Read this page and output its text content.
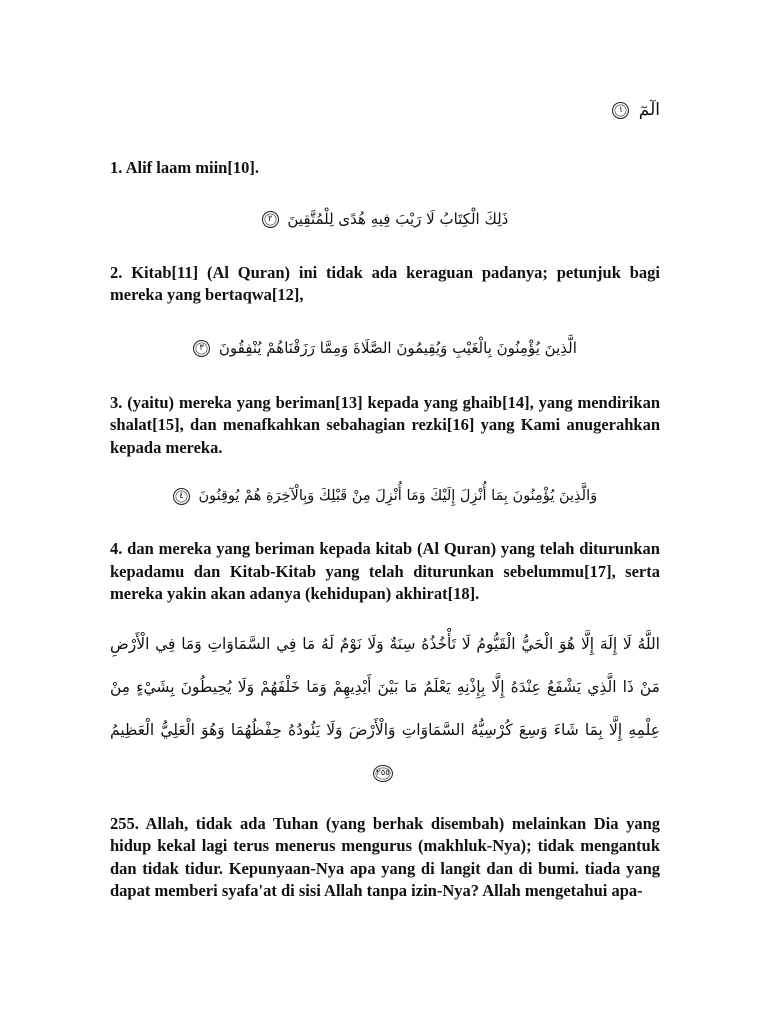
الٓمٓ ١

1. Alif laam miin[10].

ذَلِكَ الْكِتَابُ لَا رَيْبَ فِيهِ هُدًى لِلْمُتَّقِينَ ٢

2. Kitab[11] (Al Quran) ini tidak ada keraguan padanya; petunjuk bagi mereka yang bertaqwa[12],

الَّذِينَ يُؤْمِنُونَ بِالْغَيْبِ وَيُقِيمُونَ الصَّلَاةَ وَمِمَّا رَزَقْنَاهُمْ يُنْفِقُونَ ٣

3. (yaitu) mereka yang beriman[13] kepada yang ghaib[14], yang mendirikan shalat[15], dan menafkahkan sebahagian rezki[16] yang Kami anugerahkan kepada mereka.

وَالَّذِينَ يُؤْمِنُونَ بِمَا أُنْزِلَ إِلَيْكَ وَمَا أُنْزِلَ مِنْ قَبْلِكَ وَبِالْآخِرَةِ هُمْ يُوقِنُونَ ٤

4. dan mereka yang beriman kepada kitab (Al Quran) yang telah diturunkan kepadamu dan Kitab-Kitab yang telah diturunkan sebelummu[17], serta mereka yakin akan adanya (kehidupan) akhirat[18].

اللَّهُ لَا إِلَهَ إِلَّا هُوَ الْحَيُّ الْقَيُّومُ لَا تَأْخُذُهُ سِنَةٌ وَلَا نَوْمٌ لَهُ مَا فِي السَّمَاوَاتِ وَمَا فِي الْأَرْضِ مَنْ ذَا الَّذِي يَشْفَعُ عِنْدَهُ إِلَّا بِإِذْنِهِ يَعْلَمُ مَا بَيْنَ أَيْدِيهِمْ وَمَا خَلْفَهُمْ وَلَا يُحِيطُونَ بِشَيْءٍ مِنْ عِلْمِهِ إِلَّا بِمَا شَاءَ وَسِعَ كُرْسِيُّهُ السَّمَاوَاتِ وَالْأَرْضَ وَلَا يَئُودُهُ حِفْظُهُمَا وَهُوَ الْعَلِيُّ الْعَظِيمُ ٢٥٥

255. Allah, tidak ada Tuhan (yang berhak disembah) melainkan Dia yang hidup kekal lagi terus menerus mengurus (makhluk-Nya); tidak mengantuk dan tidak tidur. Kepunyaan-Nya apa yang di langit dan di bumi. tiada yang dapat memberi syafa'at di sisi Allah tanpa izin-Nya? Allah mengetahui apa-
